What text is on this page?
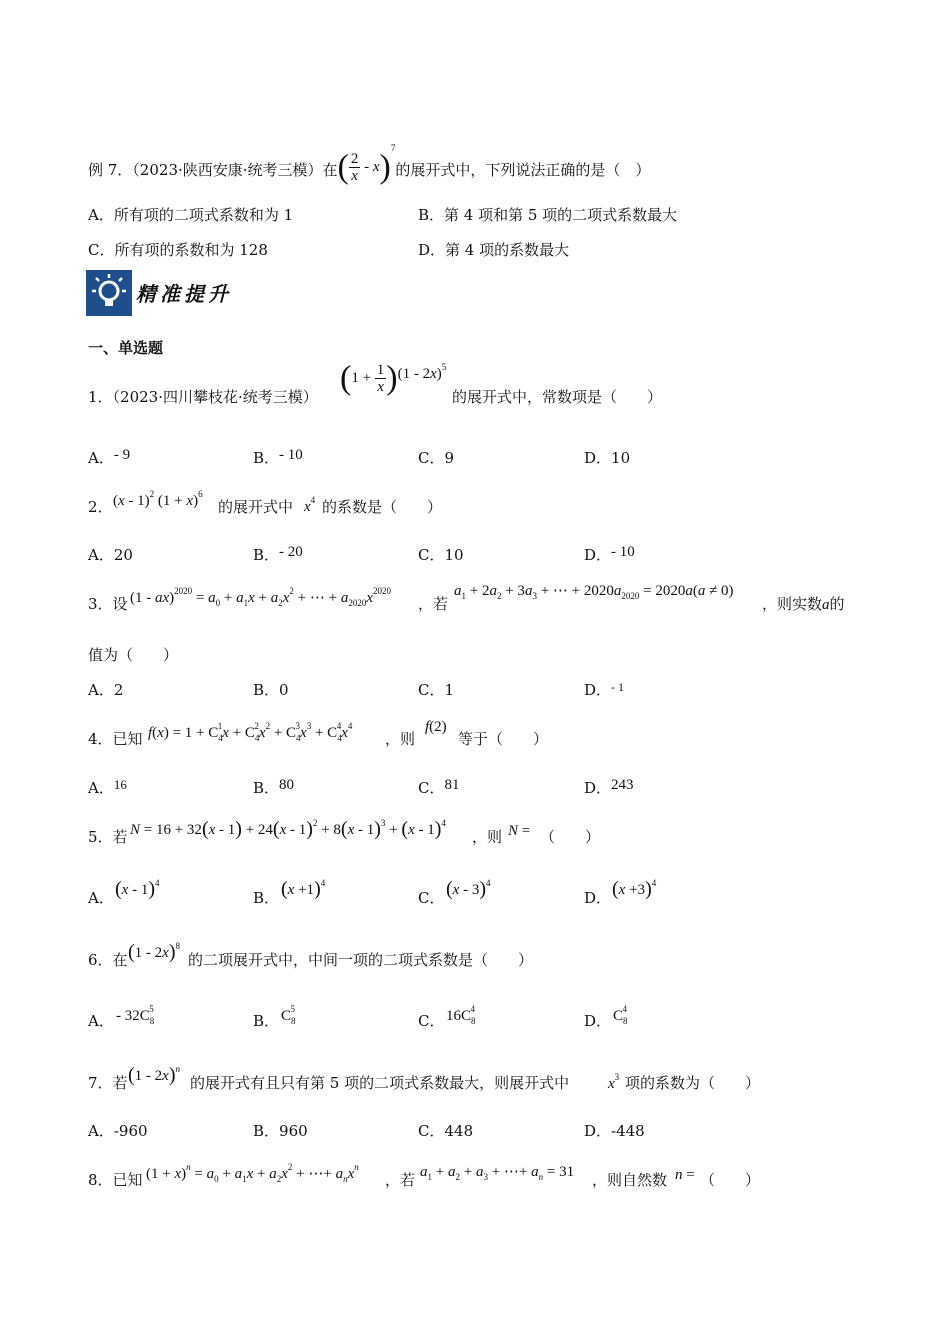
例 7．（2023·陕西安康·统考三模）在( $\frac{2}{x} - x)^7$的展开式中，下列说法正确的是（　）
A．所有项的二项式系数和为 1	B．第 4 项和第 5 项的二项式系数最大
C．所有项的系数和为 128	D．第 4 项的系数最大
精准提升
一、单选题
1．（2023·四川攀枝花·统考三模）
$(1 + \frac{1}{x} )(1 - 2x)^5$
的展开式中，常数项是（　　）
A．- 9	B．- 10	C．9	D．10
2． (x - 1)$^2$ $(1 + x)^6$
的展开式中 $x^4$ 的系数是（　　）
A．20	B．- 20	C．10	D．- 10
3．设 $(1 - ax)^{2020} = a_0 + a_1x + a_2x^2$ + ⋯ + $a_{2020}x^{2020}$
，若
$a_1 + 2a_2 + 3a_3$ + ⋯ + $2020a_{2020} = 2020a(a \ne 0)$
，则实数a的
值为（　　）
A．2	B．0	C．1	D．$^{- 1}$
4．已知 $f(x) = 1 + C_4^1x + C_4^2x^2 + C_4^3x^3 + C_4^4x^4$
，则
f(2)
等于（　　）
A．16	B．80	C．81	D．243
5．若 N = 16 + 32(x - 1) + 24(x - 1)$^2$ + 8(x - 1)$^3$ + (x - 1)$^4$
，则 N = （　　）
A． (x - 1)$^4$
B． $(x +1)^4$
C． (x - 3)$^4$
D． $(x +3)^4$
6．在 (1 - 2x)$^8$
的二项展开式中，中间一项的二项式系数是（　　）
A． - $32C_8^5$
B． $C_8^5$
C． $16C_8^4$
D． $C_8^4$
7．若 (1 - 2x)$^n$
的展开式有且只有第 5 项的二项式系数最大，则展开式中	$x^3$ 项的系数为（　　）
A．-960	B．960	C．448	D．-448
8．已知 $(1 + x)^n = a_0 + a_1x + a_2x^2$ + ⋯+ $a_nx^n$
，若 $a_1 + a_2 + a_3$ + ⋯+ $a_n = 31$ ，则自然数 n = （　　）
